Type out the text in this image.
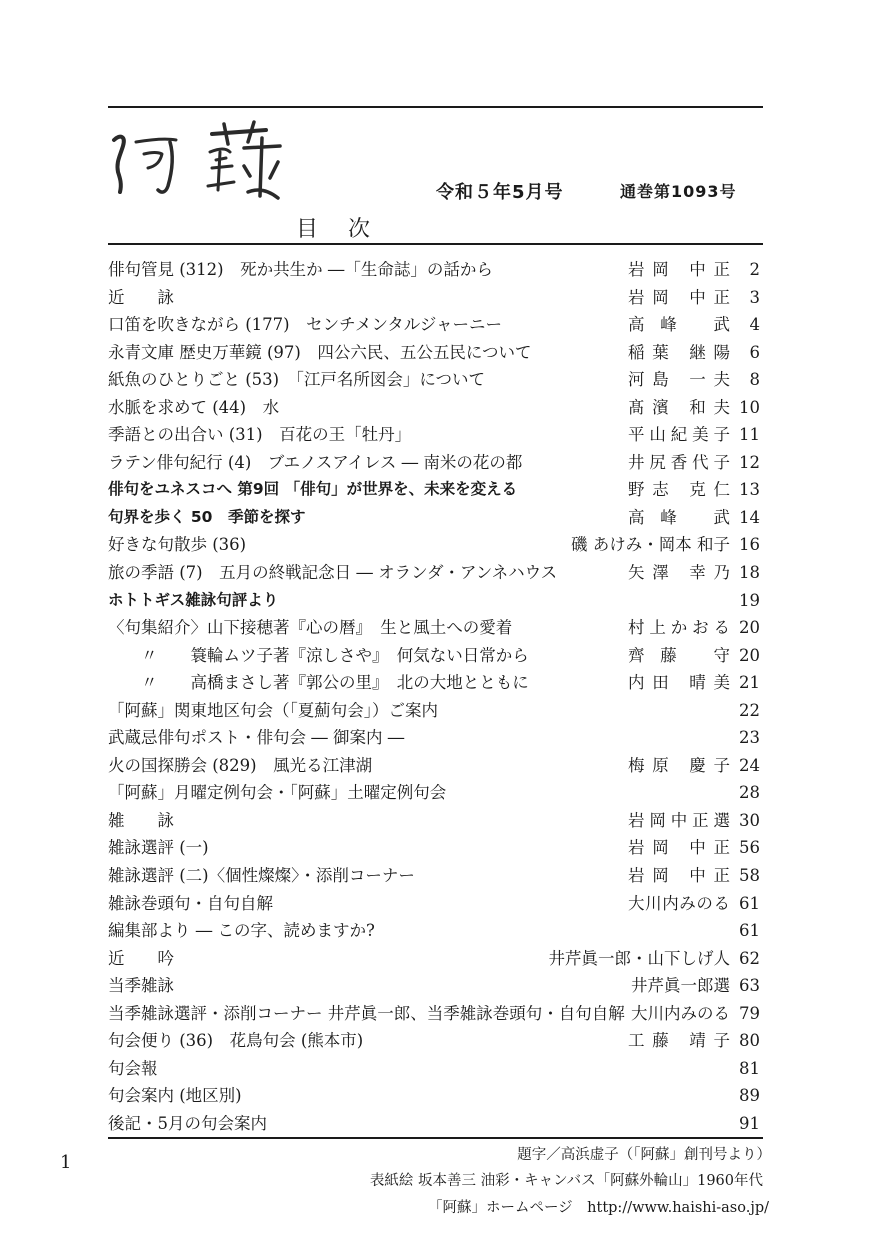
令和５年5月号	通巻第1093号
目次
俳句管見 (312)　死か共生か ―「生命誌」の話から	岩岡 中正	2
近　　詠	岩岡 中正	3
口笛を吹きながら (177)　センチメンタルジャーニー	高峰 武	4
永青文庫 歴史万華鏡 (97)　四公六民、五公五民について	稲葉 継陽	6
紙魚のひとりごと (53)　「江戸名所図会」について	河島 一夫	8
水脈を求めて (44)　水	髙濱 和夫 10
季語との出合い (31)　百花の王「牡丹」	平山紀美子 11
ラテン俳句紀行 (4)　ブエノスアイレス ― 南米の花の都	井尻香代子 12
俳句をユネスコへ 第9回 「俳句」が世界を、未来を変える	野志 克仁 13
句界を歩く 50　季節を探す	高峰 武 14
好きな句散歩 (36)	磯 あけみ・岡本 和子 16
旅の季語 (7)　五月の終戦記念日 ― オランダ・アンネハウス	矢澤 幸乃 18
ホトトギス雑詠句評より	19
〈句集紹介〉山下接穂著『心の暦』　生と風土への愛着	村上かおる 20
　　〃　　簑輪ムツ子著『涼しさや』　何気ない日常から	齊藤 守 20
　　〃　　高橋まさし著『郭公の里』　北の大地とともに	内田 晴美 21
「阿蘇」関東地区句会（「夏薊句会」）ご案内	22
武蔵忌俳句ポスト・俳句会 ― 御案内 ―	23
火の国探勝会 (829)　風光る江津湖	梅原 慶子 24
「阿蘇」月曜定例句会・「阿蘇」土曜定例句会	28
雑　　詠	岩岡中正選 30
雑詠選評 (一)	岩岡 中正 56
雑詠選評 (二)〈個性燦燦〉・添削コーナー	岩岡 中正 58
雑詠巻頭句・自句自解	大川内みのる 61
編集部より ― この字、読めますか?	61
近　　吟	井芹眞一郎・山下しげ人 62
当季雑詠	井芹眞一郎選 63
当季雑詠選評・添削コーナー 井芹眞一郎、当季雑詠巻頭句・自句自解 大川内みのる 79
句会便り (36)　花鳥句会 (熊本市)	工藤 靖子 80
句会報	81
句会案内 (地区別)	89
後記・5月の句会案内	91
題字／高浜虚子（「阿蘇」創刊号より）
表紙絵 坂本善三 油彩・キャンバス「阿蘇外輪山」1960年代
「阿蘇」ホームページ　http://www.haishi-aso.jp/
1
